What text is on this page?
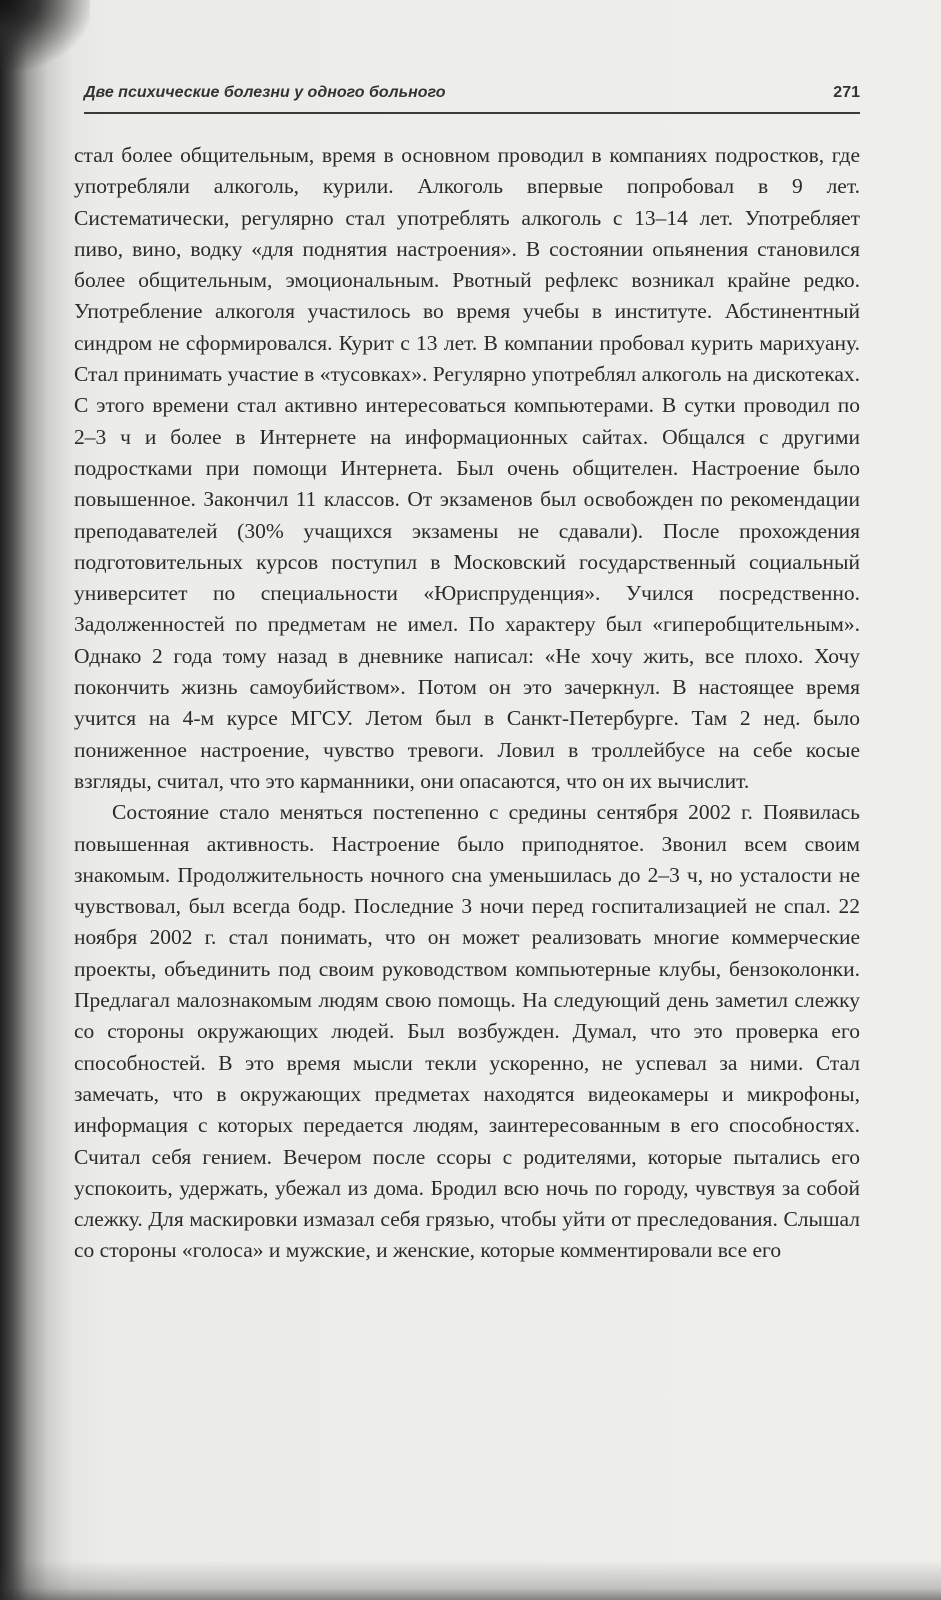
Две психические болезни у одного больного	271

стал более общительным, время в основном проводил в компаниях подростков, где употребляли алкоголь, курили. Алкоголь впервые попробовал в 9 лет. Систематически, регулярно стал употреблять алкоголь с 13–14 лет. Употребляет пиво, вино, водку «для поднятия настроения». В состоянии опьянения становился более общительным, эмоциональным. Рвотный рефлекс возникал крайне редко. Употребление алкоголя участилось во время учебы в институте. Абстинентный синдром не сформировался. Курит с 13 лет. В компании пробовал курить марихуану. Стал принимать участие в «тусовках». Регулярно употреблял алкоголь на дискотеках. С этого времени стал активно интересоваться компьютерами. В сутки проводил по 2–3 ч и более в Интернете на информационных сайтах. Общался с другими подростками при помощи Интернета. Был очень общителен. Настроение было повышенное. Закончил 11 классов. От экзаменов был освобожден по рекомендации преподавателей (30% учащихся экзамены не сдавали). После прохождения подготовительных курсов поступил в Московский государственный социальный университет по специальности «Юриспруденция». Учился посредственно. Задолженностей по предметам не имел. По характеру был «гиперобщительным». Однако 2 года тому назад в дневнике написал: «Не хочу жить, все плохо. Хочу покончить жизнь самоубийством». Потом он это зачеркнул. В настоящее время учится на 4-м курсе МГСУ. Летом был в Санкт-Петербурге. Там 2 нед. было пониженное настроение, чувство тревоги. Ловил в троллейбусе на себе косые взгляды, считал, что это карманники, они опасаются, что он их вычислит.

Состояние стало меняться постепенно с средины сентября 2002 г. Появилась повышенная активность. Настроение было приподнятое. Звонил всем своим знакомым. Продолжительность ночного сна уменьшилась до 2–3 ч, но усталости не чувствовал, был всегда бодр. Последние 3 ночи перед госпитализацией не спал. 22 ноября 2002 г. стал понимать, что он может реализовать многие коммерческие проекты, объединить под своим руководством компьютерные клубы, бензоколонки. Предлагал малознакомым людям свою помощь. На следующий день заметил слежку со стороны окружающих людей. Был возбужден. Думал, что это проверка его способностей. В это время мысли текли ускоренно, не успевал за ними. Стал замечать, что в окружающих предметах находятся видеокамеры и микрофоны, информация с которых передается людям, заинтересованным в его способностях. Считал себя гением. Вечером после ссоры с родителями, которые пытались его успокоить, удержать, убежал из дома. Бродил всю ночь по городу, чувствуя за собой слежку. Для маскировки измазал себя грязью, чтобы уйти от преследования. Слышал со стороны «голоса» и мужские, и женские, которые комментировали все его
